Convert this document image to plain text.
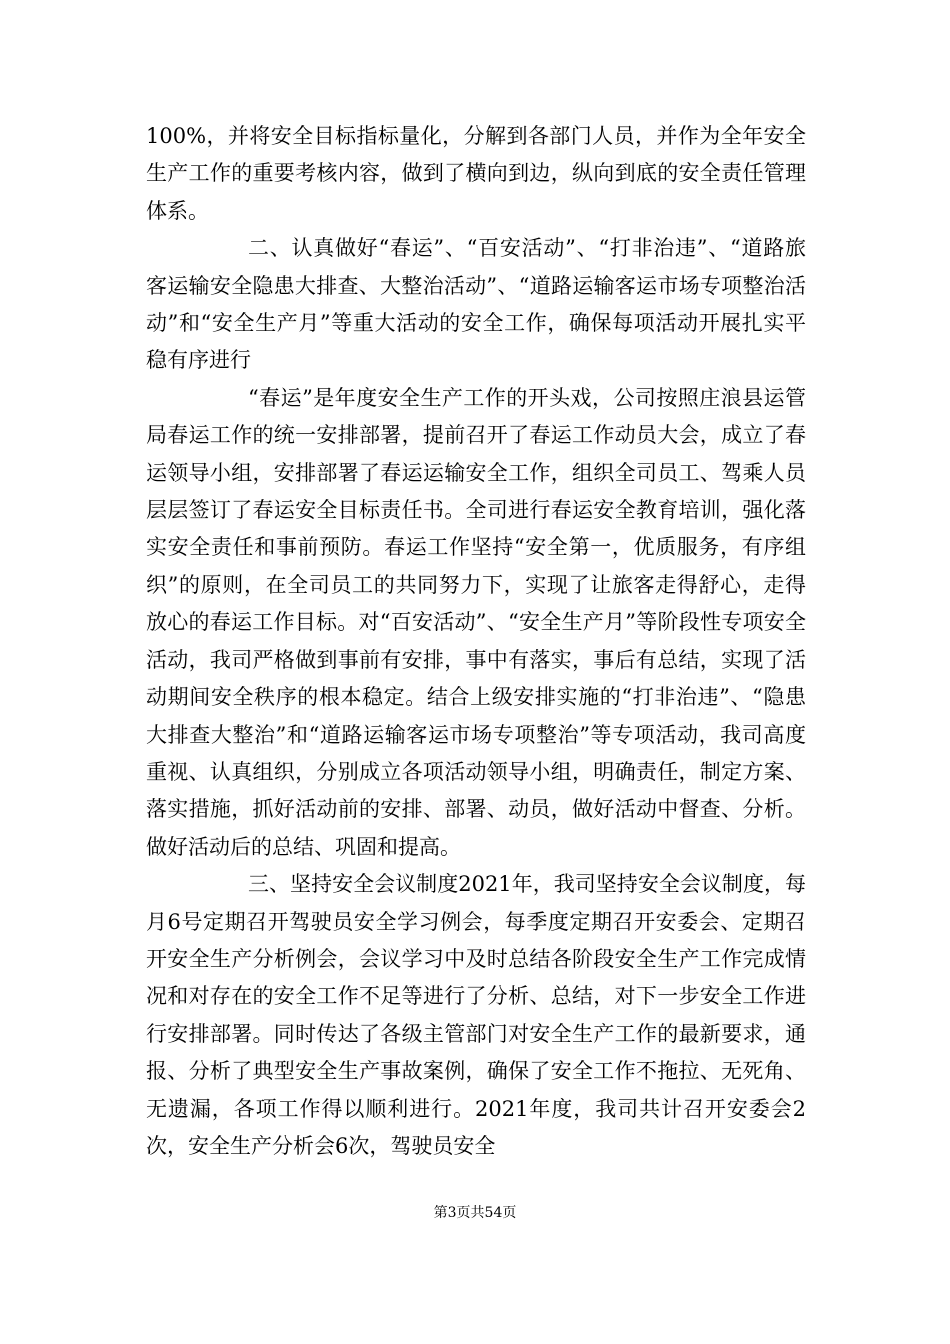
100%，并将安全目标指标量化，分解到各部门人员，并作为全年安全生产工作的重要考核内容，做到了横向到边，纵向到底的安全责任管理体系。

二、认真做好“春运”、“百安活动”、“打非治违”、“道路旅客运输安全隐患大排查、大整治活动”、“道路运输客运市场专项整治活动”和“安全生产月”等重大活动的安全工作，确保每项活动开展扎实平稳有序进行

“春运”是年度安全生产工作的开头戏，公司按照庄浪县运管局春运工作的统一安排部署，提前召开了春运工作动员大会，成立了春运领导小组，安排部署了春运运输安全工作，组织全司员工、驾乘人员层层签订了春运安全目标责任书。全司进行春运安全教育培训，强化落实安全责任和事前预防。春运工作坚持“安全第一，优质服务，有序组织”的原则，在全司员工的共同努力下，实现了让旅客走得舒心，走得放心的春运工作目标。对“百安活动”、“安全生产月”等阶段性专项安全活动，我司严格做到事前有安排，事中有落实，事后有总结，实现了活动期间安全秩序的根本稳定。结合上级安排实施的“打非治违”、“隐患大排查大整治”和“道路运输客运市场专项整治”等专项活动，我司高度重视、认真组织，分别成立各项活动领导小组，明确责任，制定方案、落实措施，抓好活动前的安排、部署、动员，做好活动中督查、分析。做好活动后的总结、巩固和提高。

三、坚持安全会议制度2021年，我司坚持安全会议制度，每月6号定期召开驾驶员安全学习例会，每季度定期召开安委会、定期召开安全生产分析例会，会议学习中及时总结各阶段安全生产工作完成情况和对存在的安全工作不足等进行了分析、总结，对下一步安全工作进行安排部署。同时传达了各级主管部门对安全生产工作的最新要求，通报、分析了典型安全生产事故案例，确保了安全工作不拖拉、无死角、无遗漏，各项工作得以顺利进行。2021年度，我司共计召开安委会2次，安全生产分析会6次，驾驶员安全

第3页共54页
